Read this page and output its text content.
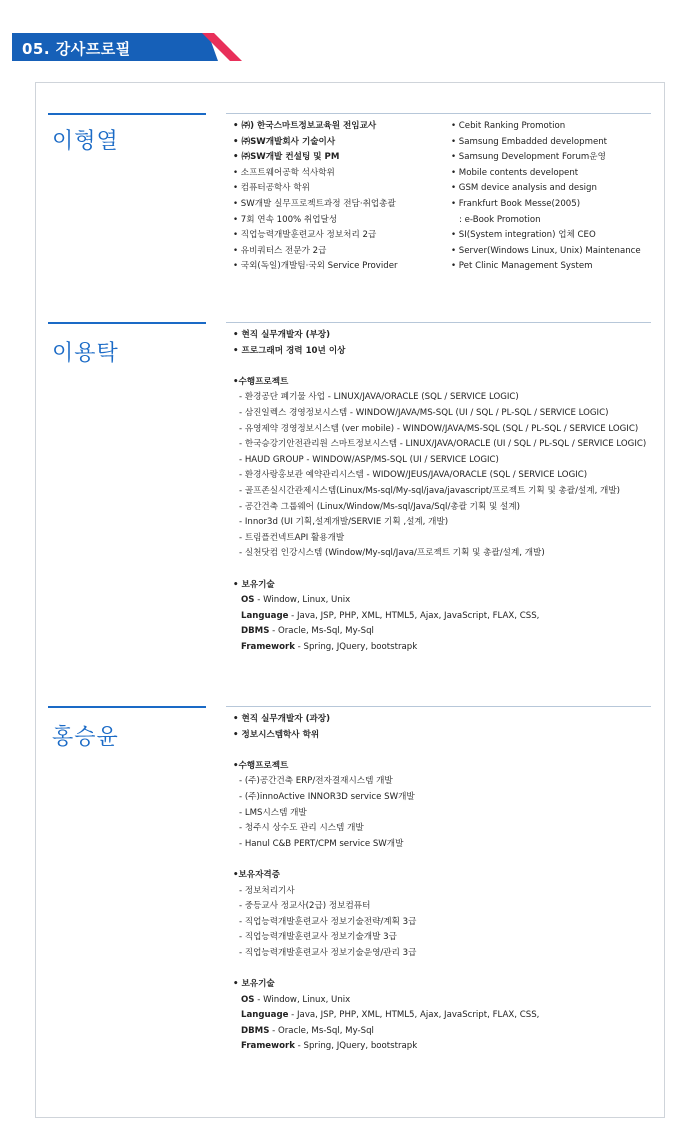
05. 강사프로필
이형열
• ㈜) 한국스마트정보교육원 전임교사
• ㈜SW개발회사 기술이사
• ㈜SW개발 컨설팅 및 PM
• 소프트웨어공학 석사학위
• 컴퓨터공학사 학위
• SW개발 실무프로젝트과정 전담·취업총괄
• 7회 연속 100% 취업달성
• 직업능력개발훈련교사 정보처리 2급
• 유비쿼터스 전문가 2급
• 국외(독일)개발팀·국외 Service Provider
• Cebit Ranking Promotion
• Samsung Embadded development
• Samsung Development Forum운영
• Mobile contents developent
• GSM device analysis and design
• Frankfurt Book Messe(2005)
: e-Book Promotion
• SI(System integration) 업체 CEO
• Server(Windows Linux, Unix) Maintenance
• Pet Clinic Management System
이용탁
• 현직 실무개발자 (부장)
• 프로그래머 경력 10년 이상
•수행프로젝트
- 환경공단 폐기물 사업 - LINUX/JAVA/ORACLE (SQL / SERVICE LOGIC)
- 삼진일렉스 경영정보시스템 - WINDOW/JAVA/MS-SQL (UI / SQL / PL-SQL / SERVICE LOGIC)
- 유영제약 경영정보시스템 (ver mobile) - WINDOW/JAVA/MS-SQL (SQL / PL-SQL / SERVICE LOGIC)
- 한국승강기안전관리원 스마트정보시스템 - LINUX/JAVA/ORACLE (UI / SQL / PL-SQL / SERVICE LOGIC)
- HAUD GROUP - WINDOW/ASP/MS-SQL (UI / SERVICE LOGIC)
- 환경사랑홍보관 예약관리시스템 - WIDOW/JEUS/JAVA/ORACLE (SQL / SERVICE LOGIC)
- 골프존실시간관제시스템(Linux/Ms-sql/My-sql/java/javascript/프로젝트 기획 및 총괄/설계, 개발)
- 공간건축 그룹웨어 (Linux/Window/Ms-sql/Java/Sql/총괄 기획 및 설계)
- Innor3d (UI 기획,설계개발/SERVIE 기획 ,설계, 개발)
- 트림플컨넥트API 활용개발
- 실천닷컴 인강시스템 (Window/My-sql/Java/프로젝트 기획 및 총괄/설계, 개발)
• 보유기술
OS - Window, Linux, Unix
Language - Java, JSP, PHP, XML, HTML5, Ajax, JavaScript, FLAX, CSS,
DBMS - Oracle, Ms-Sql, My-Sql
Framework - Spring, JQuery, bootstrapk
홍승윤
• 현직 실무개발자 (과장)
• 정보시스템학사 학위
•수행프로젝트
- (주)공간건축 ERP/전자결재시스템 개발
- (주)innoActive INNOR3D service SW개발
- LMS시스템 개발
- 청주시 상수도 관리 시스템 개발
- Hanul C&B PERT/CPM service SW개발
•보유자격증
- 정보처리기사
- 중등교사 정교사(2급) 정보컴퓨터
- 직업능력개발훈련교사 정보기술전략/계획 3급
- 직업능력개발훈련교사 정보기술개발 3급
- 직업능력개발훈련교사 정보기술운영/관리 3급
• 보유기술
OS - Window, Linux, Unix
Language - Java, JSP, PHP, XML, HTML5, Ajax, JavaScript, FLAX, CSS,
DBMS - Oracle, Ms-Sql, My-Sql
Framework - Spring, JQuery, bootstrapk
